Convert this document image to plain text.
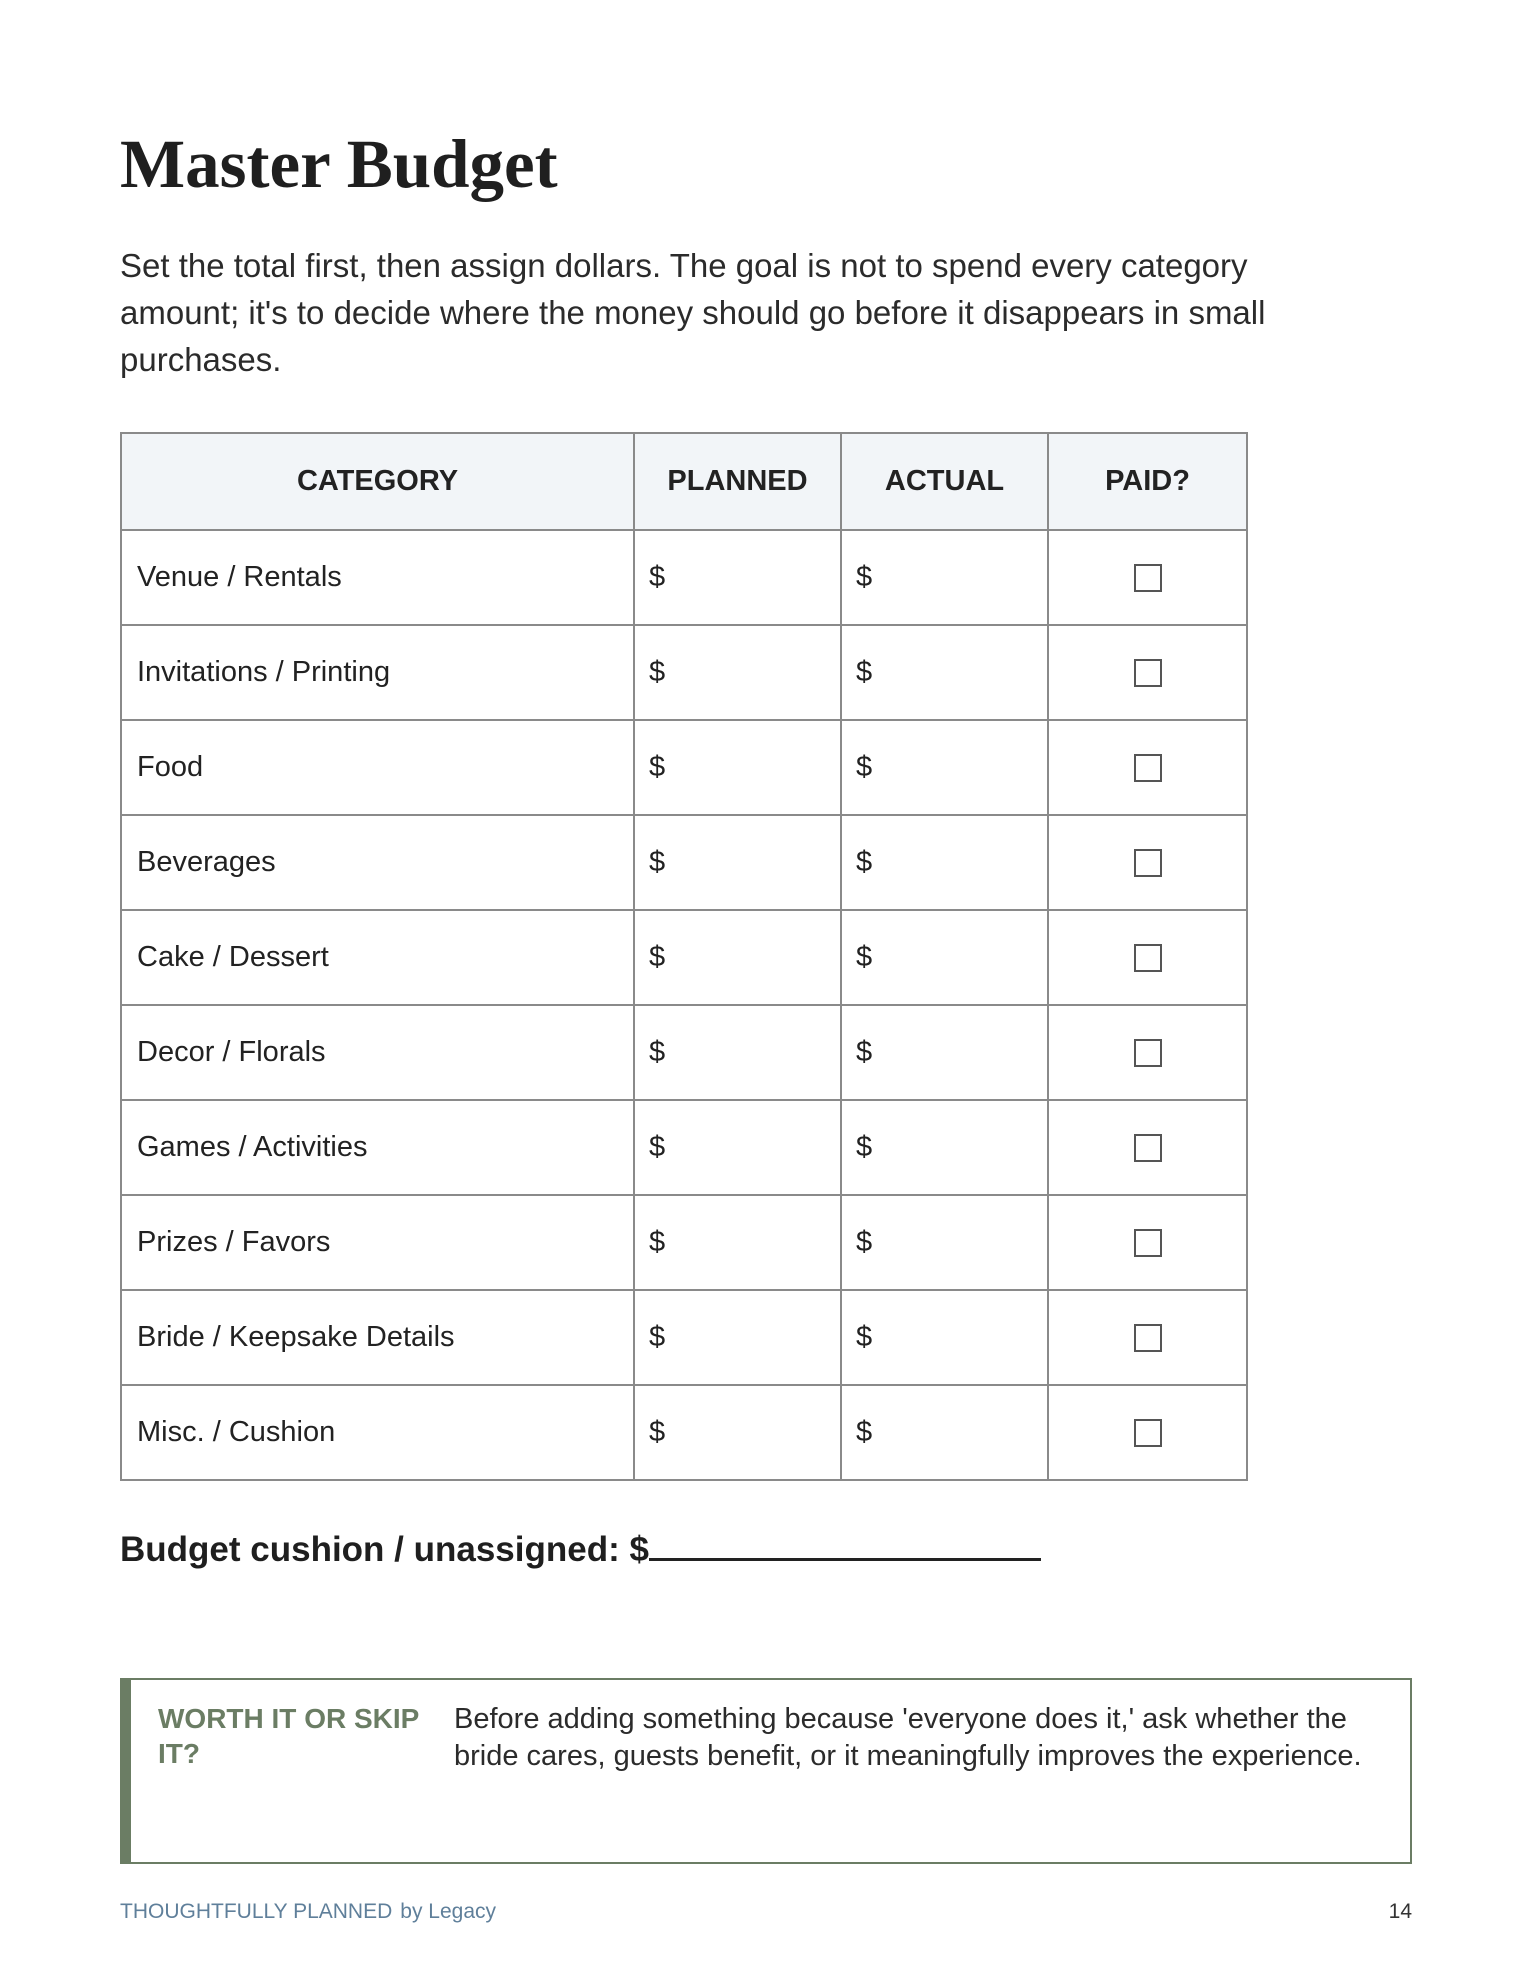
Master Budget

Set the total first, then assign dollars. The goal is not to spend every category amount; it's to decide where the money should go before it disappears in small purchases.

CATEGORY	PLANNED	ACTUAL	PAID?
Venue / Rentals	$	$	
Invitations / Printing	$	$	
Food	$	$	
Beverages	$	$	
Cake / Dessert	$	$	
Decor / Florals	$	$	
Games / Activities	$	$	
Prizes / Favors	$	$	
Bride / Keepsake Details	$	$	
Misc. / Cushion	$	$	

Budget cushion / unassigned: $

WORTH IT OR SKIP IT?
Before adding something because 'everyone does it,' ask whether the bride cares, guests benefit, or it meaningfully improves the experience.
THOUGHTFULLY PLANNED by Legacy	14
